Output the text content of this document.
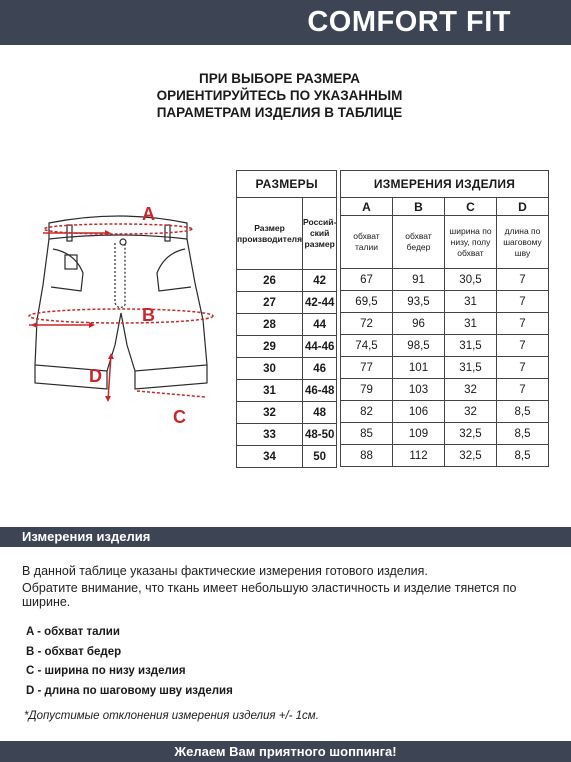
COMFORT FIT
ПРИ ВЫБОРЕ РАЗМЕРА
ОРИЕНТИРУЙТЕСЬ ПО УКАЗАННЫМ
ПАРАМЕТРАМ ИЗДЕЛИЯ В ТАБЛИЦЕ
A
B
C
D
РАЗМЕРЫ	
Размер производителя	Россий-ский размер
26	42
27	42-44
28	44
29	44-46
30	46
31	46-48
32	48
33	48-50
34	50
ИЗМЕРЕНИЯ ИЗДЕЛИЯ			
A	B	C	D
обхват талии	обхват бедер	ширина по низу, полу обхват	длина по шаговому шву
67	91	30,5	7
69,5	93,5	31	7
72	96	31	7
74,5	98,5	31,5	7
77	101	31,5	7
79	103	32	7
82	106	32	8,5
85	109	32,5	8,5
88	112	32,5	8,5
Измерения изделия

В данной таблице указаны фактические измерения готового изделия.

Обратите внимание, что ткань имеет небольшую эластичность и изделие тянется по ширине.

A - обхват талии
B - обхват бедер
C - ширина по низу изделия
D - длина по шаговому шву изделия
*Допустимые отклонения измерения изделия +/- 1см.
Желаем Вам приятного шоппинга!
